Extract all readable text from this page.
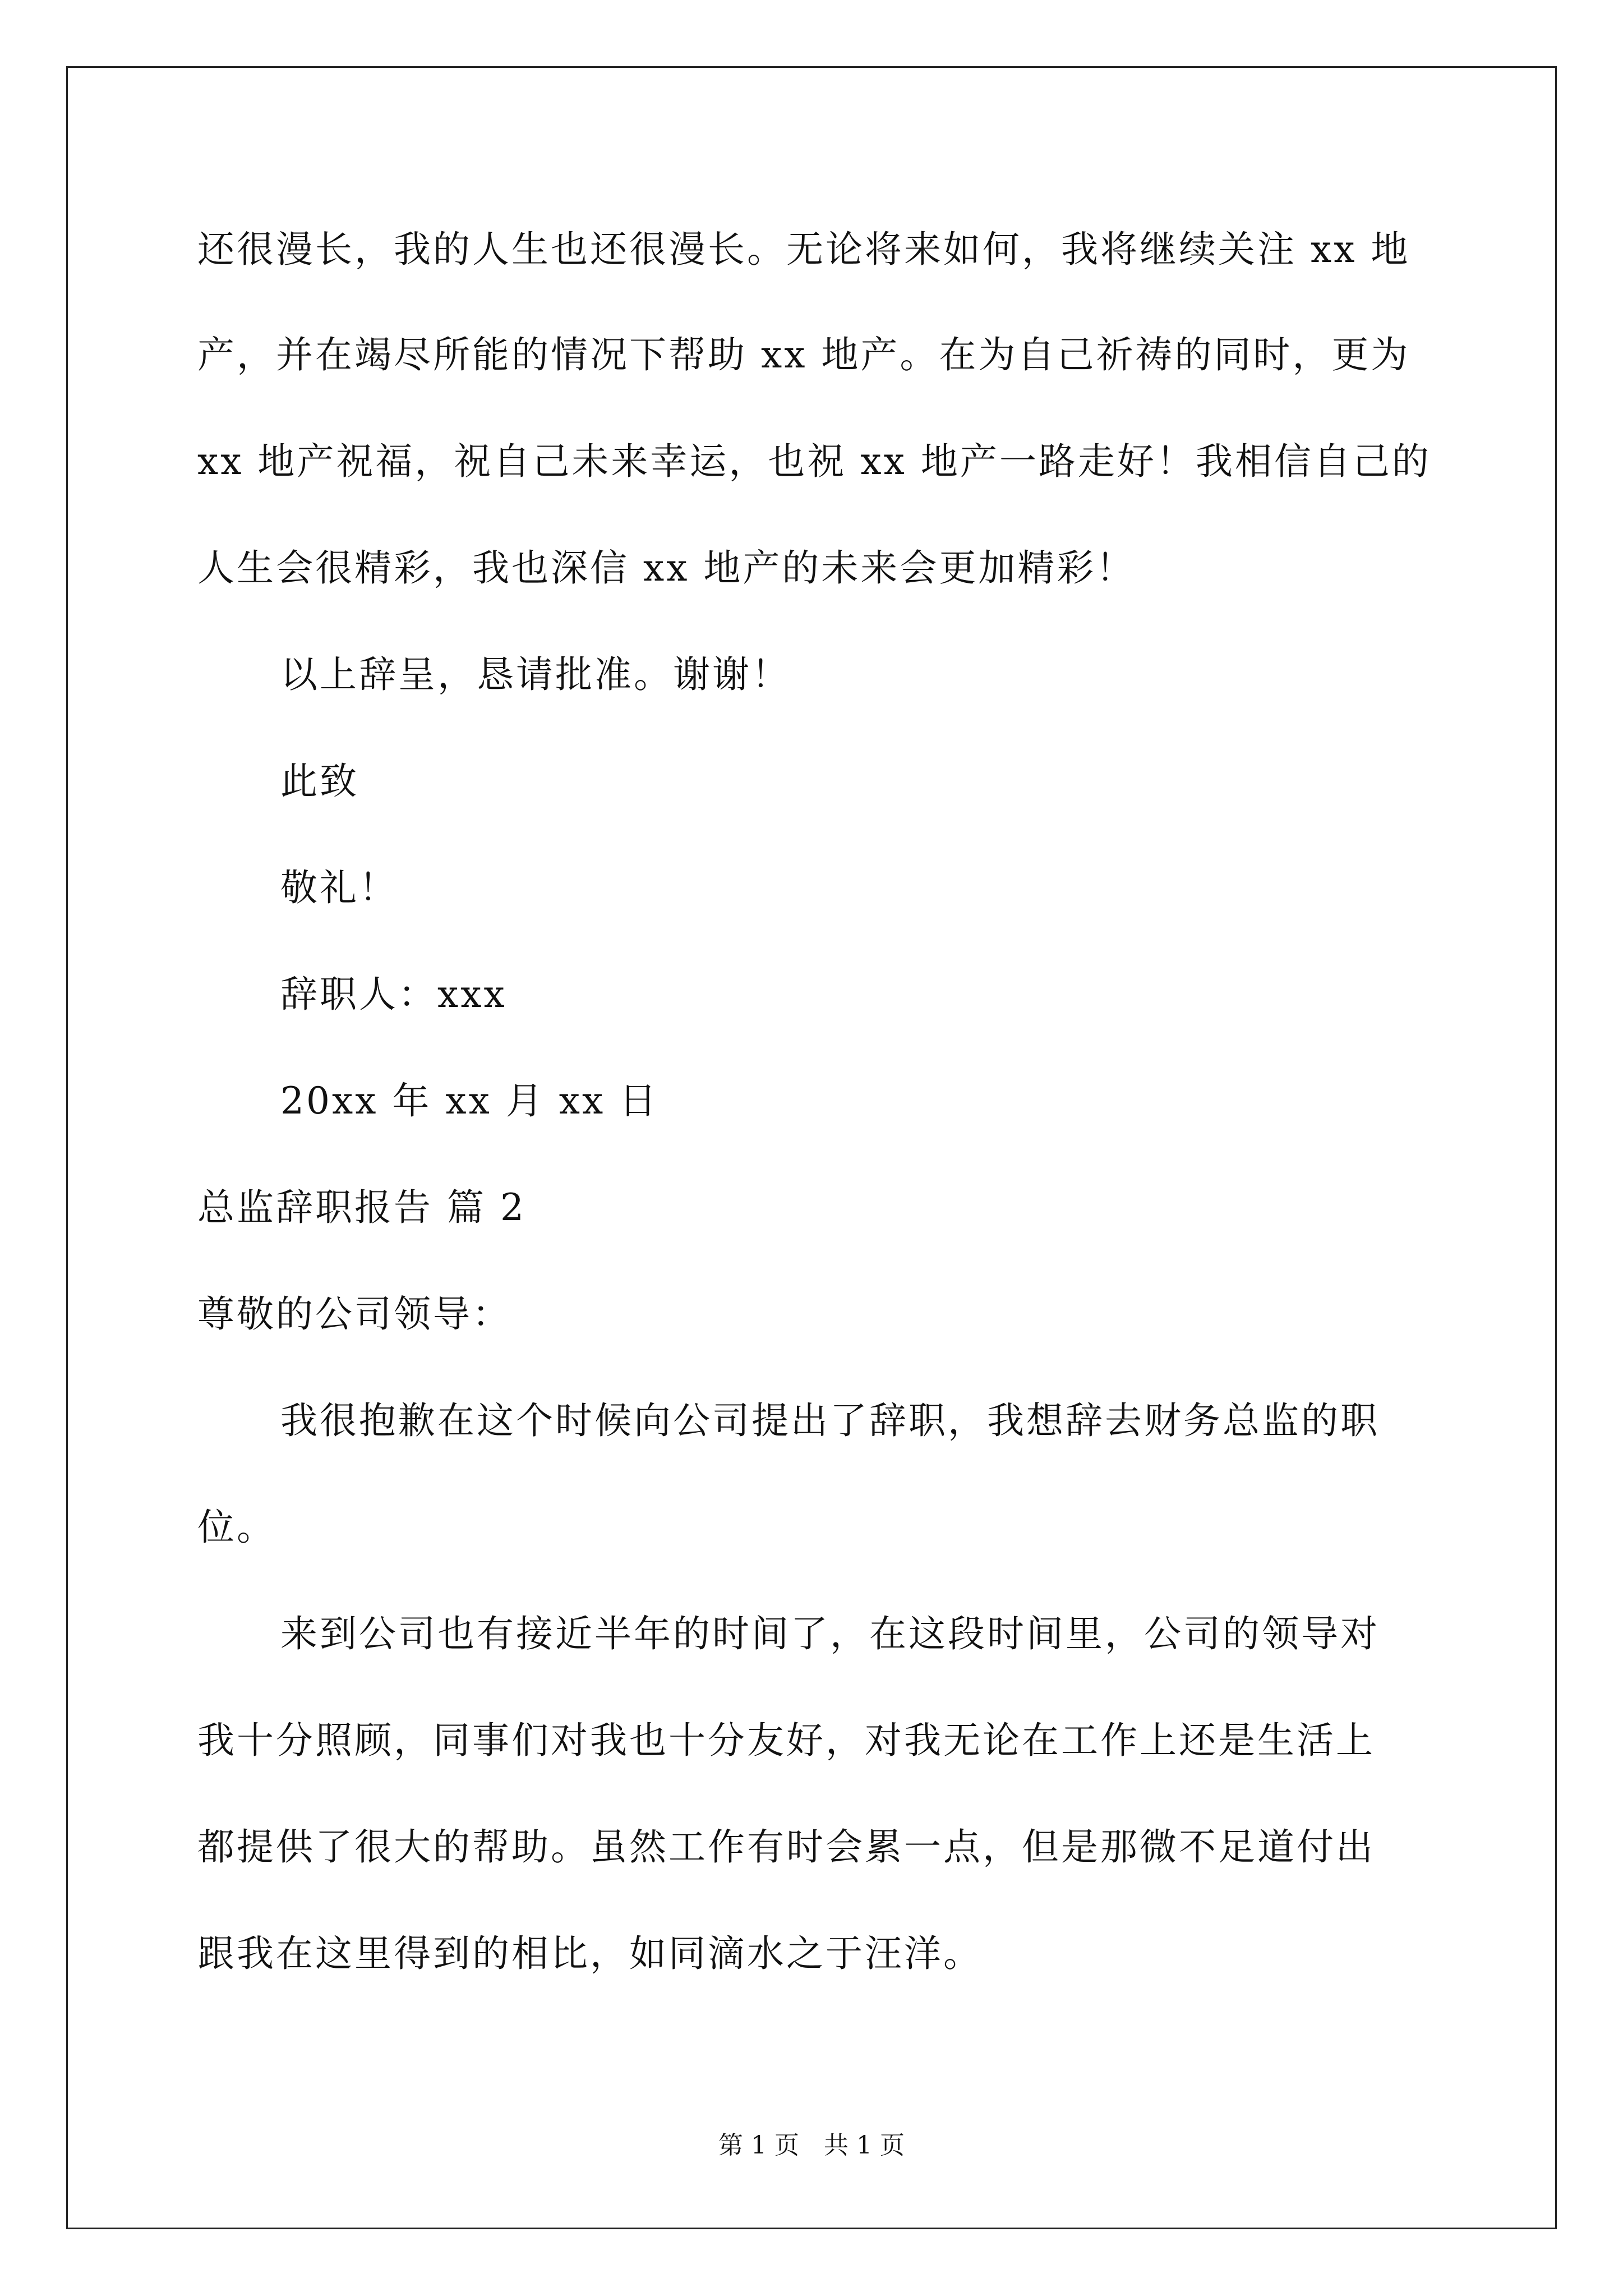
还很漫长，我的人生也还很漫长。无论将来如何，我将继续关注 xx 地
产，并在竭尽所能的情况下帮助 xx 地产。在为自己祈祷的同时，更为
xx 地产祝福，祝自己未来幸运，也祝 xx 地产一路走好！我相信自己的
人生会很精彩，我也深信 xx 地产的未来会更加精彩！
以上辞呈，恳请批准。谢谢！
此致
敬礼！
辞职人：xxx
20xx 年 xx 月 xx 日
总监辞职报告 篇 2
尊敬的公司领导：
我很抱歉在这个时候向公司提出了辞职，我想辞去财务总监的职
位。
来到公司也有接近半年的时间了，在这段时间里，公司的领导对
我十分照顾，同事们对我也十分友好，对我无论在工作上还是生活上
都提供了很大的帮助。虽然工作有时会累一点，但是那微不足道付出
跟我在这里得到的相比，如同滴水之于汪洋。
第 1 页　共 1 页
